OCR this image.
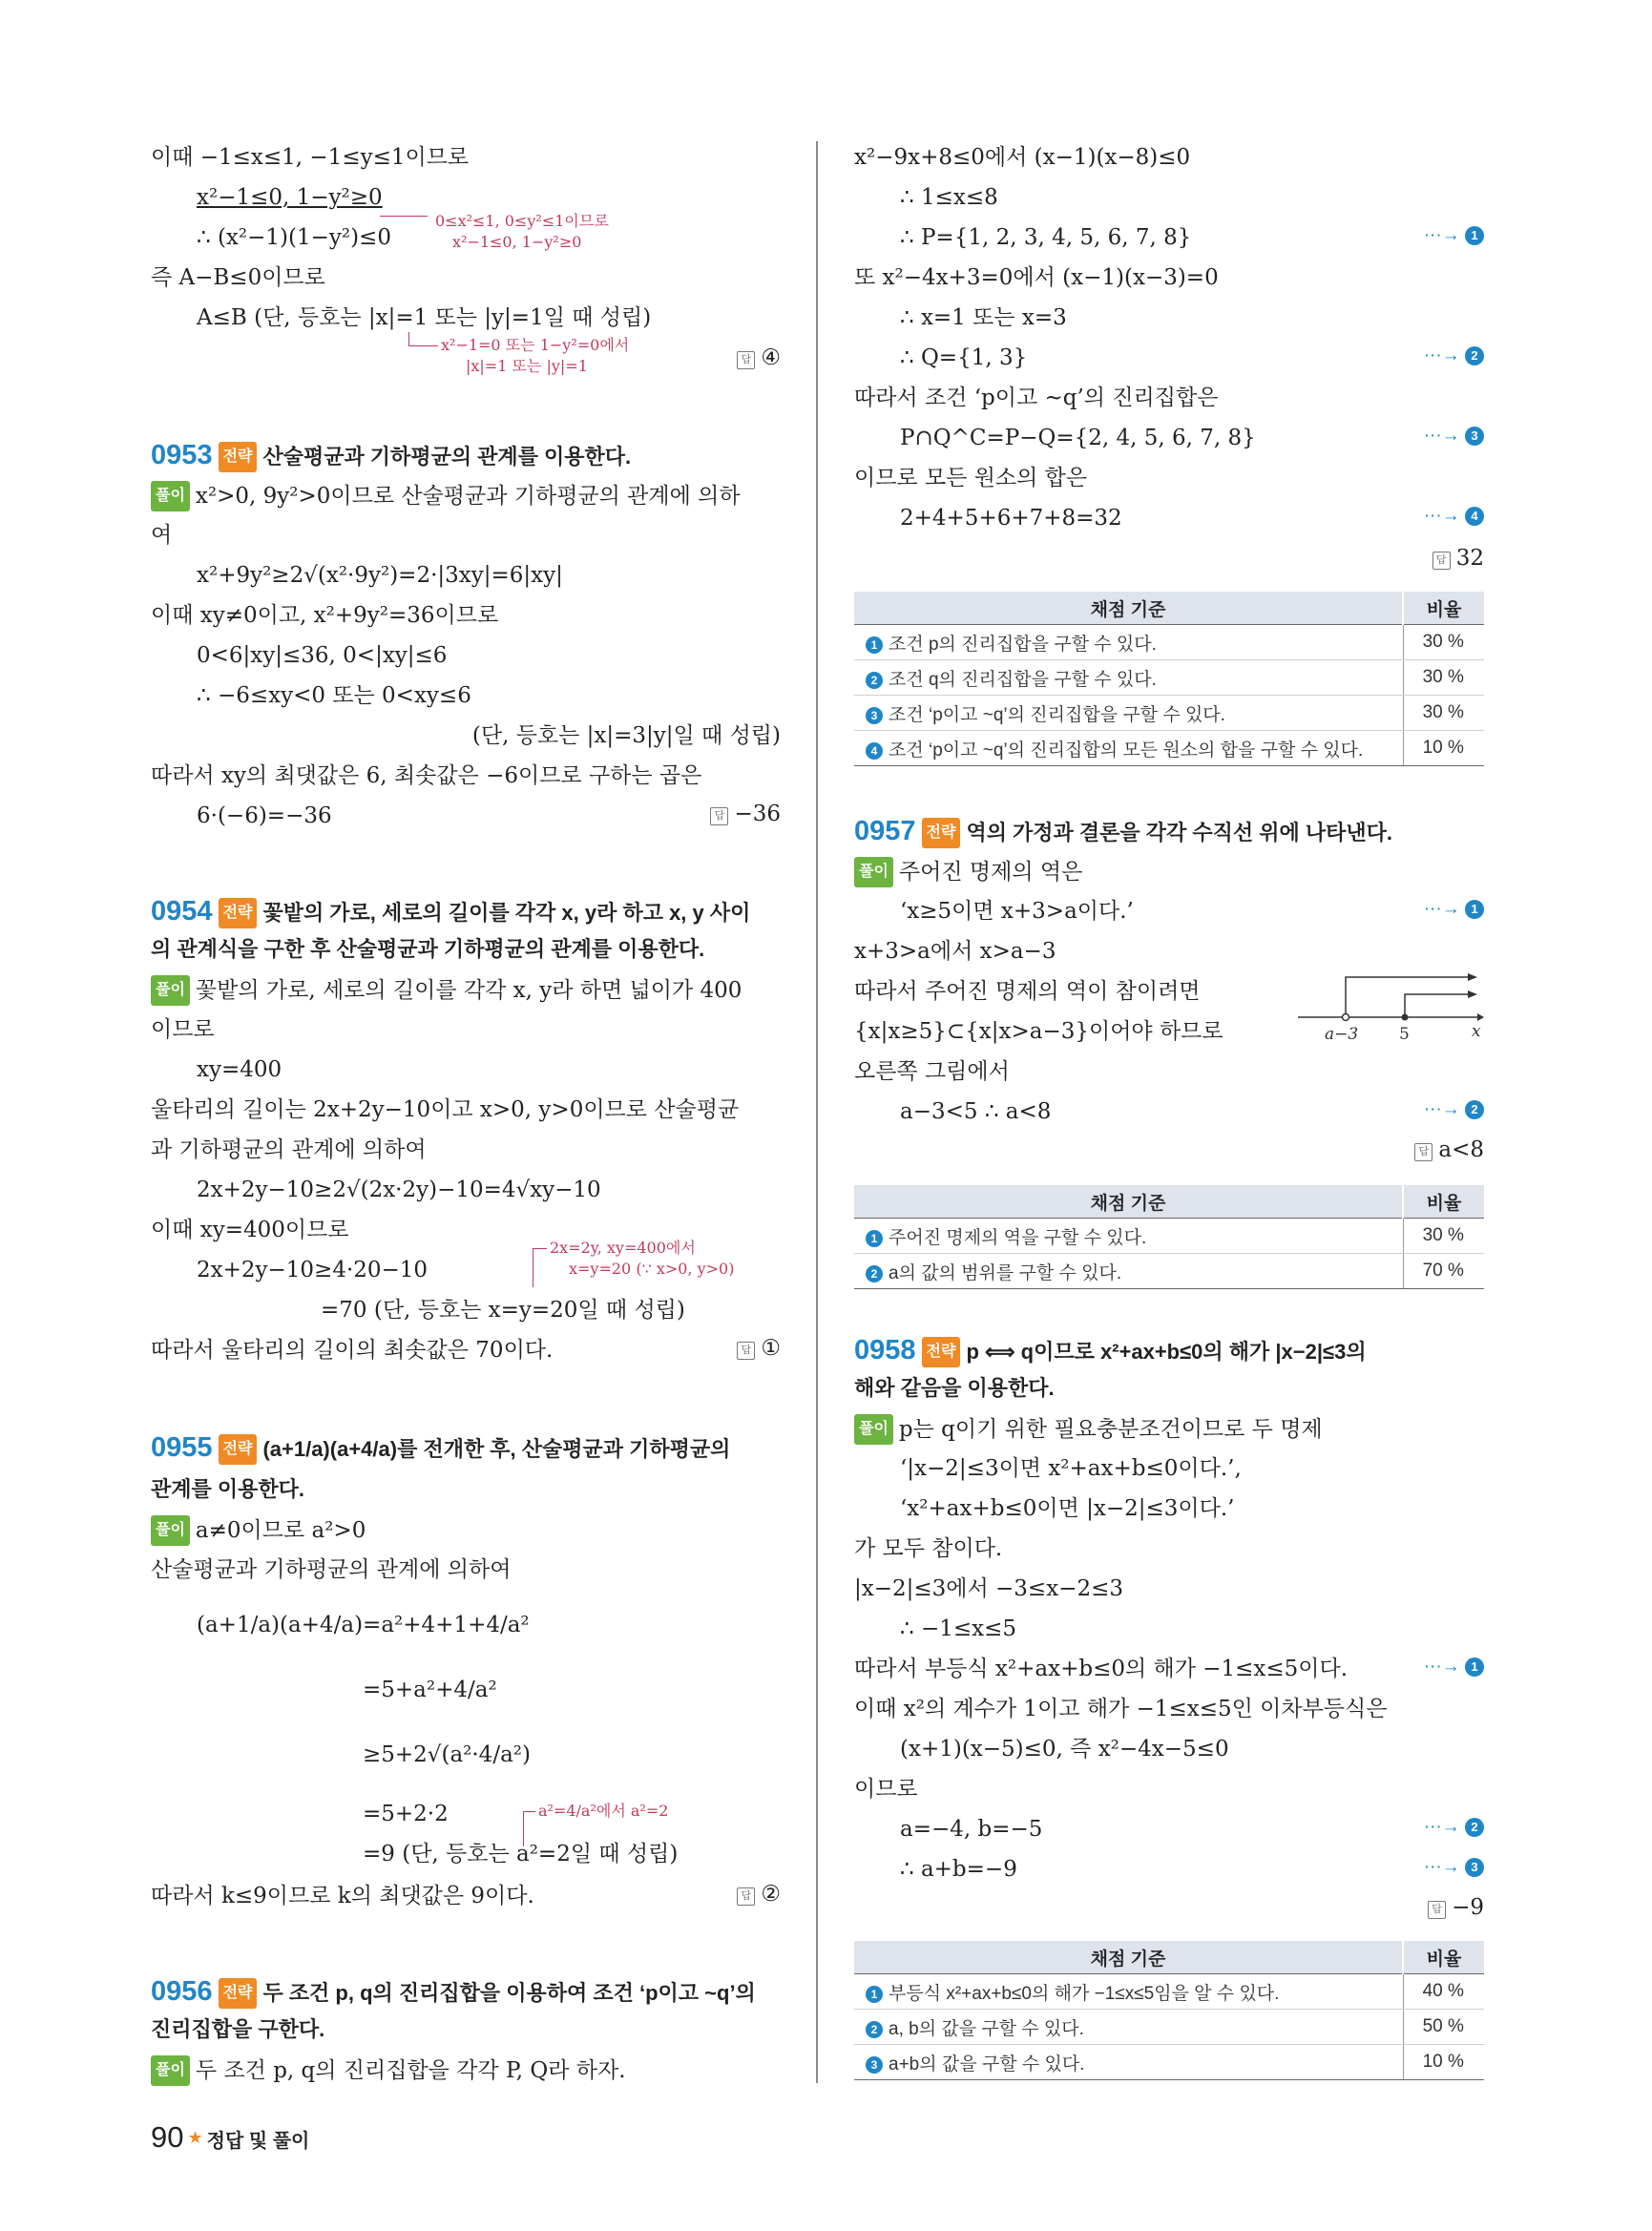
이때 −1≤x≤1, −1≤y≤1이므로
x²−1≤0, 1−y²≥0
∴ (x²−1)(1−y²)≤0
0≤x²≤1, 0≤y²≤1이므로
x²−1≤0, 1−y²≥0
즉 A−B≤0이므로
A≤B (단, 등호는 |x|=1 또는 |y|=1일 때 성립)
x²−1=0 또는 1−y²=0에서
|x|=1 또는 |y|=1	답 ④
0953 전략 산술평균과 기하평균의 관계를 이용한다.
풀이 x²>0, 9y²>0이므로 산술평균과 기하평균의 관계에 의하
여
x²+9y²≥2√(x²·9y²)=2·|3xy|=6|xy|
이때 xy≠0이고, x²+9y²=36이므로
0<6|xy|≤36, 0<|xy|≤6
∴ −6≤xy<0 또는 0<xy≤6
(단, 등호는 |x|=3|y|일 때 성립)
따라서 xy의 최댓값은 6, 최솟값은 −6이므로 구하는 곱은
6·(−6)=−36	답 −36
0954 전략 꽃밭의 가로, 세로의 길이를 각각 x, y라 하고 x, y 사이
의 관계식을 구한 후 산술평균과 기하평균의 관계를 이용한다.
풀이 꽃밭의 가로, 세로의 길이를 각각 x, y라 하면 넓이가 400
이므로
xy=400
울타리의 길이는 2x+2y−10이고 x>0, y>0이므로 산술평균
과 기하평균의 관계에 의하여
2x+2y−10≥2√(2x·2y)−10=4√xy−10
이때 xy=400이므로
2x+2y−10≥4·20−10
2x=2y, xy=400에서
x=y=20 (∵ x>0, y>0)
=70 (단, 등호는 x=y=20일 때 성립)
따라서 울타리의 길이의 최솟값은 70이다.	답 ①
0955 전략 (a+1/a)(a+4/a)를 전개한 후, 산술평균과 기하평균의
관계를 이용한다.
풀이 a≠0이므로 a²>0
산술평균과 기하평균의 관계에 의하여
(a+1/a)(a+4/a)=a²+4+1+4/a²
=5+a²+4/a²
≥5+2√(a²·4/a²)
=5+2·2	a²=4/a²에서 a²=2
=9 (단, 등호는 a²=2일 때 성립)
따라서 k≤9이므로 k의 최댓값은 9이다.	답 ②
0956 전략 두 조건 p, q의 진리집합을 이용하여 조건 ‘p이고 ~q’의
진리집합을 구한다.
풀이 두 조건 p, q의 진리집합을 각각 P, Q라 하자.
x²−9x+8≤0에서 (x−1)(x−8)≤0
∴ 1≤x≤8
∴ P={1, 2, 3, 4, 5, 6, 7, 8}	···→ 1
또 x²−4x+3=0에서 (x−1)(x−3)=0
∴ x=1 또는 x=3
∴ Q={1, 3}	···→ 2
따라서 조건 ‘p이고 ~q’의 진리집합은
P∩Q^C=P−Q={2, 4, 5, 6, 7, 8}	···→ 3
이므로 모든 원소의 합은
2+4+5+6+7+8=32	···→ 4
답 32
채점 기준	비율
1 조건 p의 진리집합을 구할 수 있다.	30 %
2 조건 q의 진리집합을 구할 수 있다.	30 %
3 조건 ‘p이고 ~q’의 진리집합을 구할 수 있다.	30 %
4 조건 ‘p이고 ~q’의 진리집합의 모든 원소의 합을 구할 수 있다.	10 %
0957 전략 역의 가정과 결론을 각각 수직선 위에 나타낸다.
풀이 주어진 명제의 역은
‘x≥5이면 x+3>a이다.’	···→ 1
x+3>a에서 x>a−3
따라서 주어진 명제의 역이 참이려면
{x|x≥5}⊂{x|x>a−3}이어야 하므로
오른쪽 그림에서
a−3	5	x
a−3<5 ∴ a<8	···→ 2
답 a<8
채점 기준	비율
1 주어진 명제의 역을 구할 수 있다.	30 %
2 a의 값의 범위를 구할 수 있다.	70 %
0958 전략 p ⟺ q이므로 x²+ax+b≤0의 해가 |x−2|≤3의
해와 같음을 이용한다.
풀이 p는 q이기 위한 필요충분조건이므로 두 명제
‘|x−2|≤3이면 x²+ax+b≤0이다.’,
‘x²+ax+b≤0이면 |x−2|≤3이다.’
가 모두 참이다.
|x−2|≤3에서 −3≤x−2≤3
∴ −1≤x≤5
따라서 부등식 x²+ax+b≤0의 해가 −1≤x≤5이다.	···→ 1
이때 x²의 계수가 1이고 해가 −1≤x≤5인 이차부등식은
(x+1)(x−5)≤0, 즉 x²−4x−5≤0
이므로
a=−4, b=−5	···→ 2
∴ a+b=−9	···→ 3
답 −9
채점 기준	비율
1 부등식 x²+ax+b≤0의 해가 −1≤x≤5임을 알 수 있다.	40 %
2 a, b의 값을 구할 수 있다.	50 %
3 a+b의 값을 구할 수 있다.	10 %
90 ★ 정답 및 풀이
